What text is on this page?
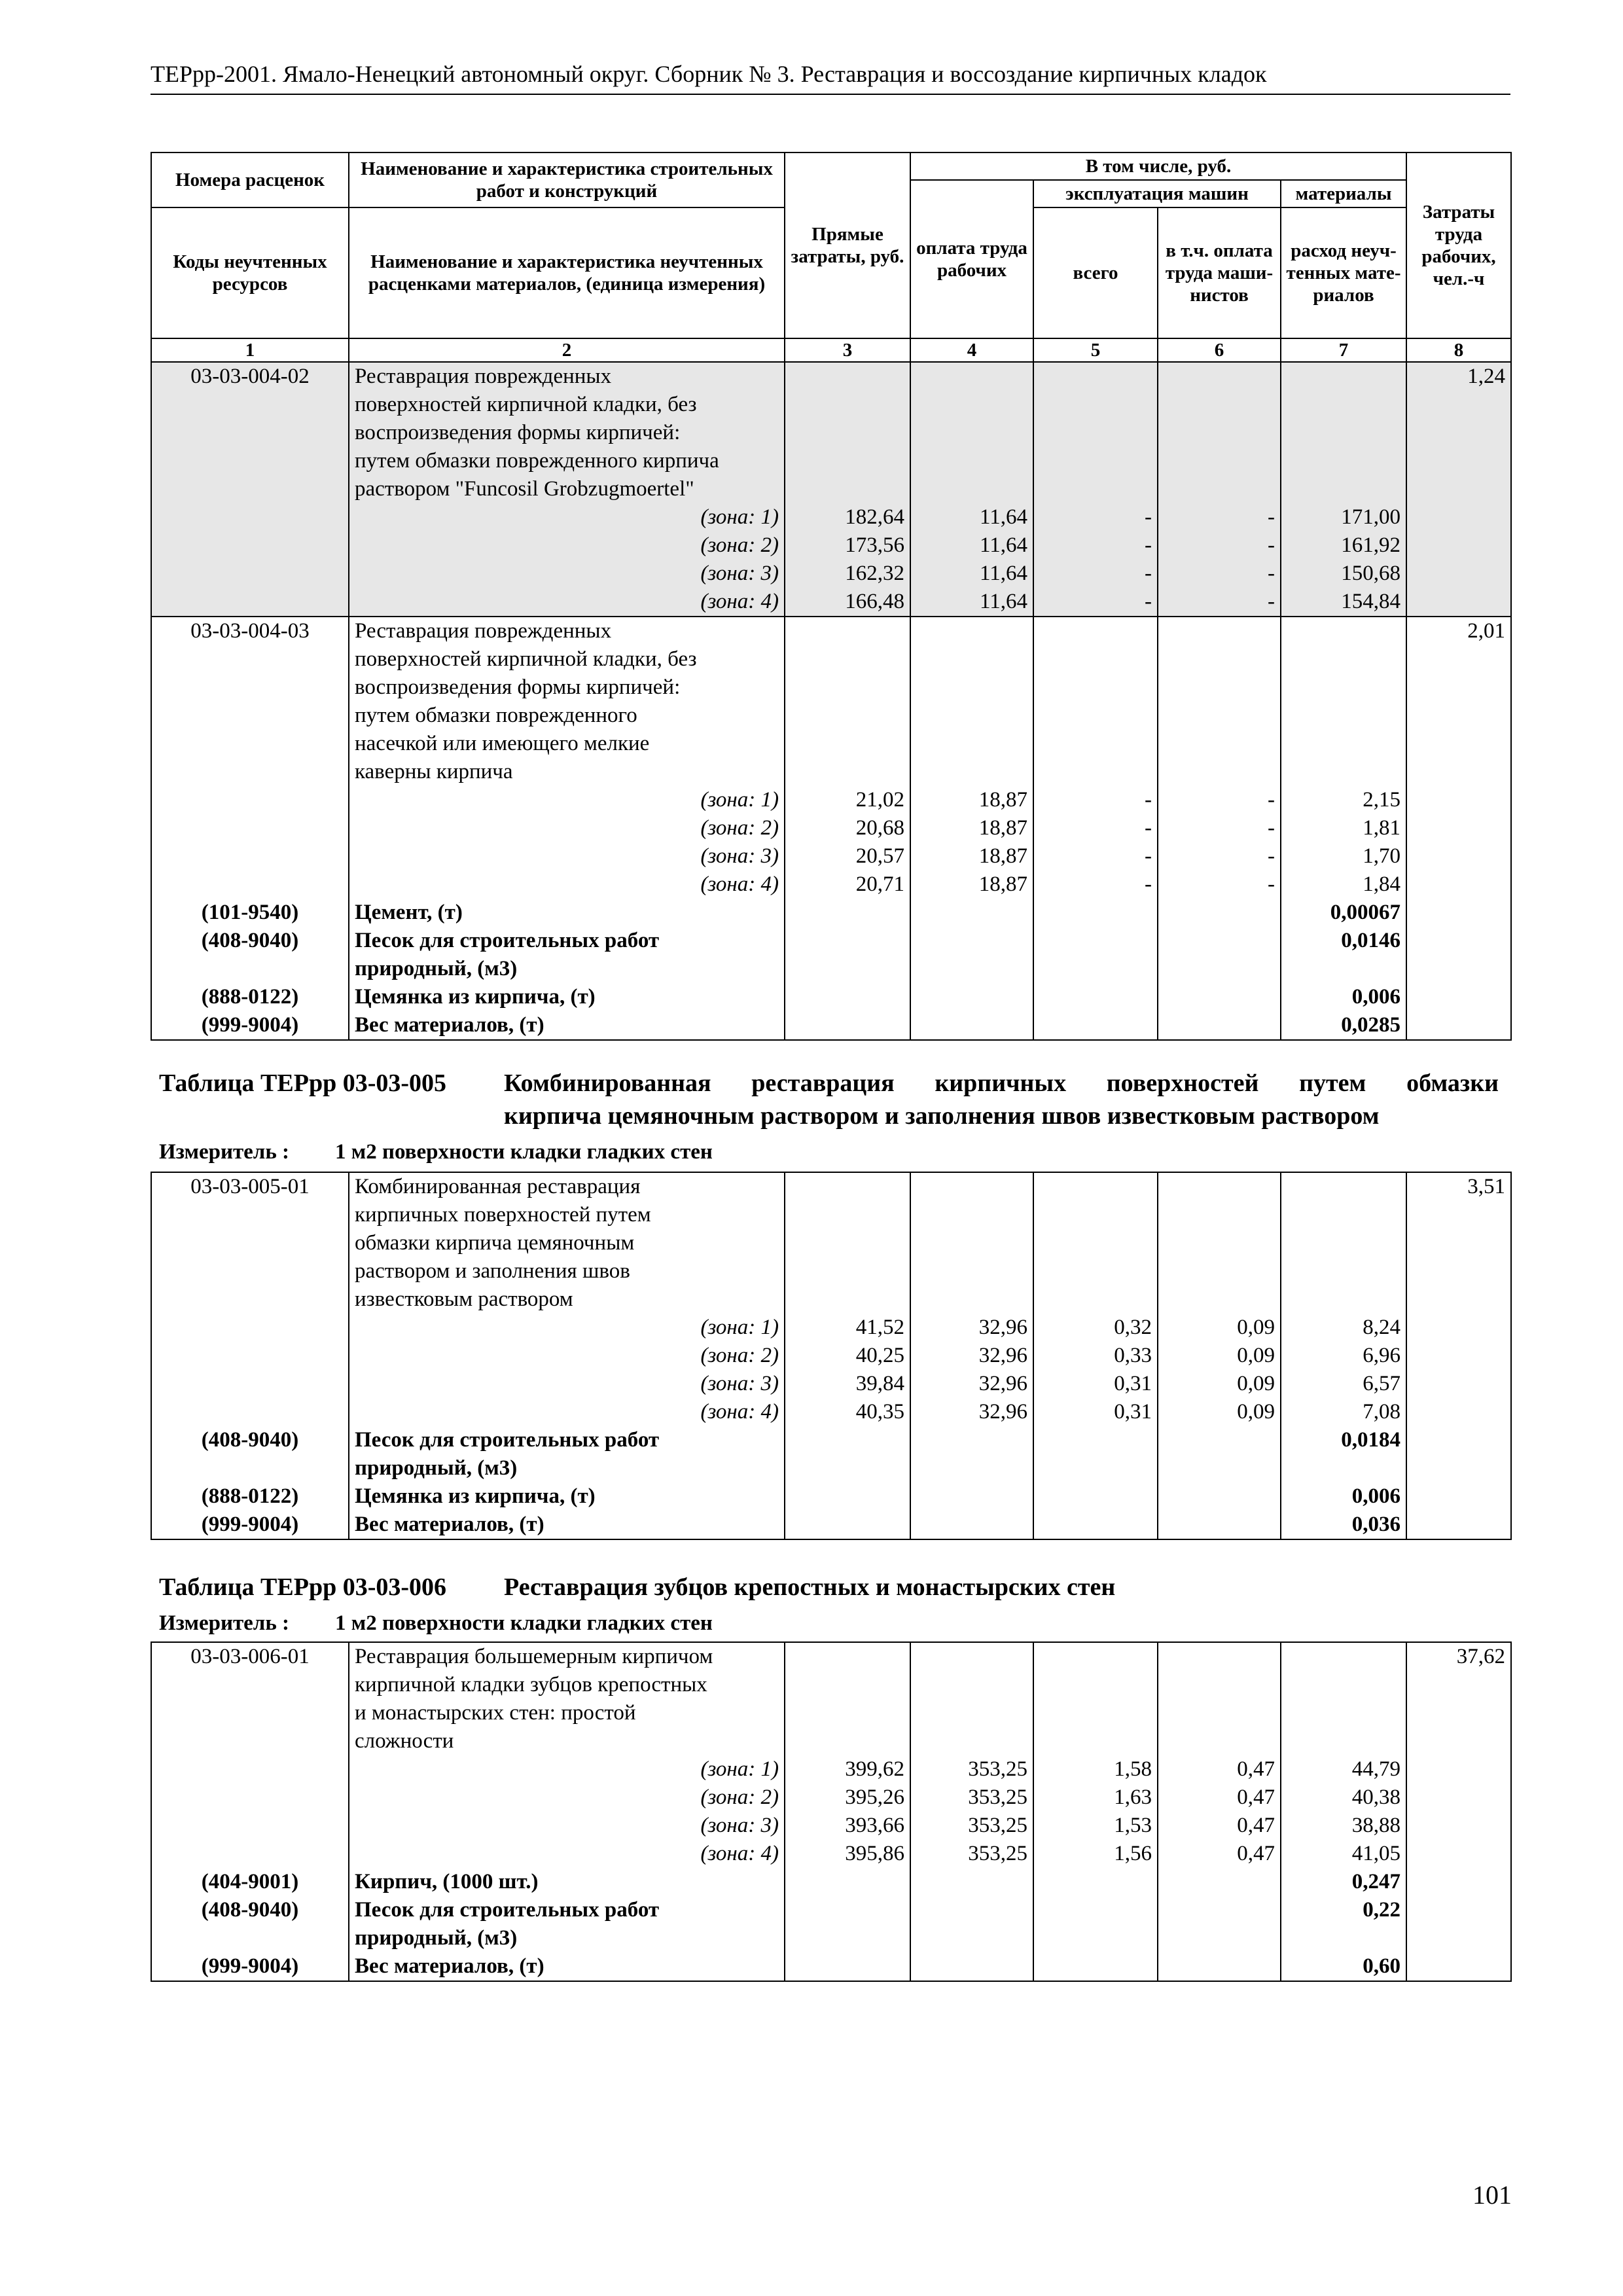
ТЕРрр-2001. Ямало-Ненецкий автономный округ. Сборник № 3. Реставрация и воссоздание кирпичных кладок
Номера расценок	Наименование и характеристика строительных работ и конструкций	Прямые затраты, руб.	В том числе, руб.				Затраты труда рабочих, чел.-ч
			оплата труда рабочих	эксплуатация машин		материалы	
Коды неучтенных ресурсов	Наименование и характеристика неучтенных расценками материалов, (единица измерения)			всего	в т.ч. оплата труда маши-нистов	расход неуч-тенных мате-риалов	

1	2	3	4	5	6	7	8
03-03-004-02	Реставрация поврежденных						1,24
	поверхностей кирпичной кладки, без						
	воспроизведения формы кирпичей:						
	путем обмазки поврежденного кирпича						
	раствором "Funcosil Grobzugmoertel"						
	(зона: 1)	182,64	11,64	-	-	171,00	
	(зона: 2)	173,56	11,64	-	-	161,92	
	(зона: 3)	162,32	11,64	-	-	150,68	
	(зона: 4)	166,48	11,64	-	-	154,84	
03-03-004-03	Реставрация поврежденных						2,01
	поверхностей кирпичной кладки, без						
	воспроизведения формы кирпичей:						
	путем обмазки поврежденного						
	насечкой или имеющего мелкие						
	каверны кирпича						
	(зона: 1)	21,02	18,87	-	-	2,15	
	(зона: 2)	20,68	18,87	-	-	1,81	
	(зона: 3)	20,57	18,87	-	-	1,70	
	(зона: 4)	20,71	18,87	-	-	1,84	
(101-9540)	Цемент, (т)					0,00067	
(408-9040)	Песок для строительных работ					0,0146	
	природный, (м3)						
(888-0122)	Цемянка из кирпича, (т)					0,006	
(999-9004)	Вес материалов, (т)					0,0285	
Таблица ТЕРрр 03-03-005 Комбинированная реставрация кирпичных поверхностей путем обмазки
кирпича цемяночным раствором и заполнения швов известковым раствором
Измеритель : 1 м2 поверхности кладки гладких стен
03-03-005-01	Комбинированная реставрация						3,51
	кирпичных поверхностей путем						
	обмазки кирпича цемяночным						
	раствором и заполнения швов						
	известковым раствором						
	(зона: 1)	41,52	32,96	0,32	0,09	8,24	
	(зона: 2)	40,25	32,96	0,33	0,09	6,96	
	(зона: 3)	39,84	32,96	0,31	0,09	6,57	
	(зона: 4)	40,35	32,96	0,31	0,09	7,08	
(408-9040)	Песок для строительных работ					0,0184	
	природный, (м3)						
(888-0122)	Цемянка из кирпича, (т)					0,006	
(999-9004)	Вес материалов, (т)					0,036	
Таблица ТЕРрр 03-03-006 Реставрация зубцов крепостных и монастырских стен
Измеритель : 1 м2 поверхности кладки гладких стен
03-03-006-01	Реставрация большемерным кирпичом						37,62
	кирпичной кладки зубцов крепостных						
	и монастырских стен: простой						
	сложности						
	(зона: 1)	399,62	353,25	1,58	0,47	44,79	
	(зона: 2)	395,26	353,25	1,63	0,47	40,38	
	(зона: 3)	393,66	353,25	1,53	0,47	38,88	
	(зона: 4)	395,86	353,25	1,56	0,47	41,05	
(404-9001)	Кирпич, (1000 шт.)					0,247	
(408-9040)	Песок для строительных работ					0,22	
	природный, (м3)						
(999-9004)	Вес материалов, (т)					0,60	
101
